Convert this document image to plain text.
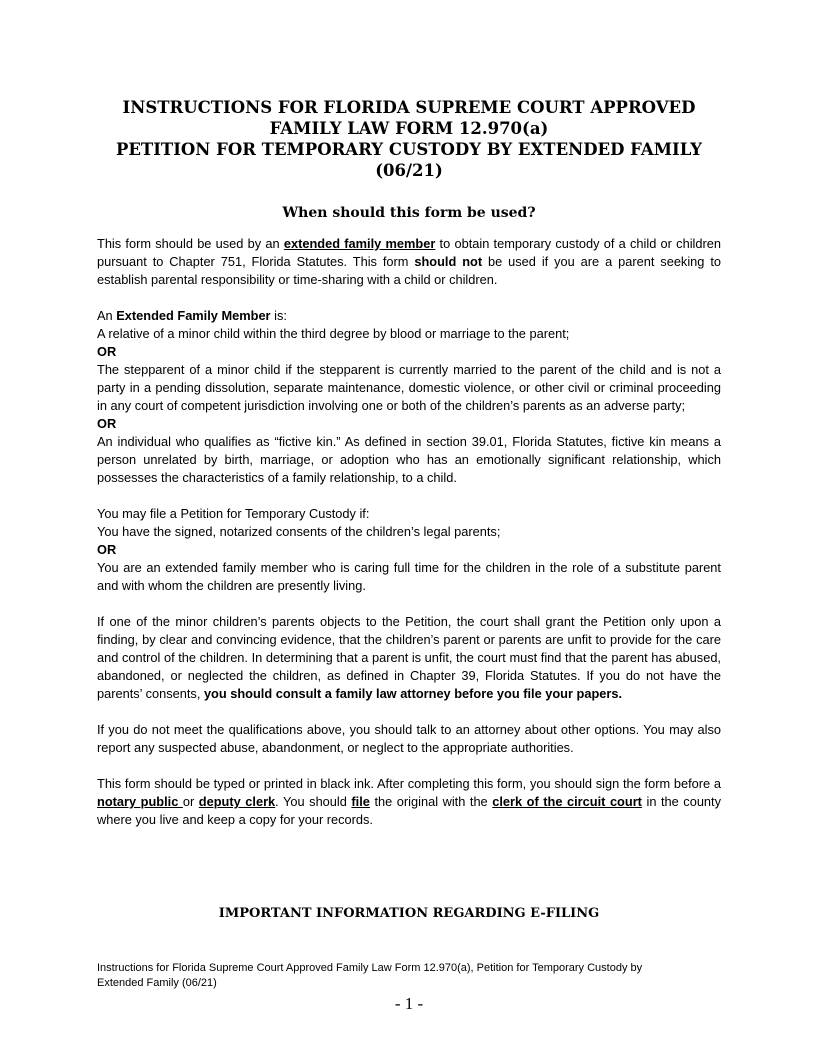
INSTRUCTIONS FOR FLORIDA SUPREME COURT APPROVED
FAMILY LAW FORM 12.970(a)
PETITION FOR TEMPORARY CUSTODY BY EXTENDED FAMILY
(06/21)
When should this form be used?

This form should be used by an extended family member to obtain temporary custody of a child or children pursuant to Chapter 751, Florida Statutes. This form should not be used if you are a parent seeking to establish parental responsibility or time-sharing with a child or children.

An Extended Family Member is:
A relative of a minor child within the third degree by blood or marriage to the parent;
OR
The stepparent of a minor child if the stepparent is currently married to the parent of the child and is not a party in a pending dissolution, separate maintenance, domestic violence, or other civil or criminal proceeding in any court of competent jurisdiction involving one or both of the children’s parents as an adverse party;
OR
An individual who qualifies as “fictive kin.” As defined in section 39.01, Florida Statutes, fictive kin means a person unrelated by birth, marriage, or adoption who has an emotionally significant relationship, which possesses the characteristics of a family relationship, to a child.

You may file a Petition for Temporary Custody if:
You have the signed, notarized consents of the children’s legal parents;
OR
You are an extended family member who is caring full time for the children in the role of a substitute parent and with whom the children are presently living.

If one of the minor children’s parents objects to the Petition, the court shall grant the Petition only upon a finding, by clear and convincing evidence, that the children’s parent or parents are unfit to provide for the care and control of the children. In determining that a parent is unfit, the court must find that the parent has abused, abandoned, or neglected the children, as defined in Chapter 39, Florida Statutes. If you do not have the parents’ consents, you should consult a family law attorney before you file your papers.

If you do not meet the qualifications above, you should talk to an attorney about other options. You may also report any suspected abuse, abandonment, or neglect to the appropriate authorities.

This form should be typed or printed in black ink. After completing this form, you should sign the form before a notary public or deputy clerk. You should file the original with the clerk of the circuit court in the county where you live and keep a copy for your records.

IMPORTANT INFORMATION REGARDING E-FILING
Instructions for Florida Supreme Court Approved Family Law Form 12.970(a), Petition for Temporary Custody by
Extended Family (06/21)
- 1 -
